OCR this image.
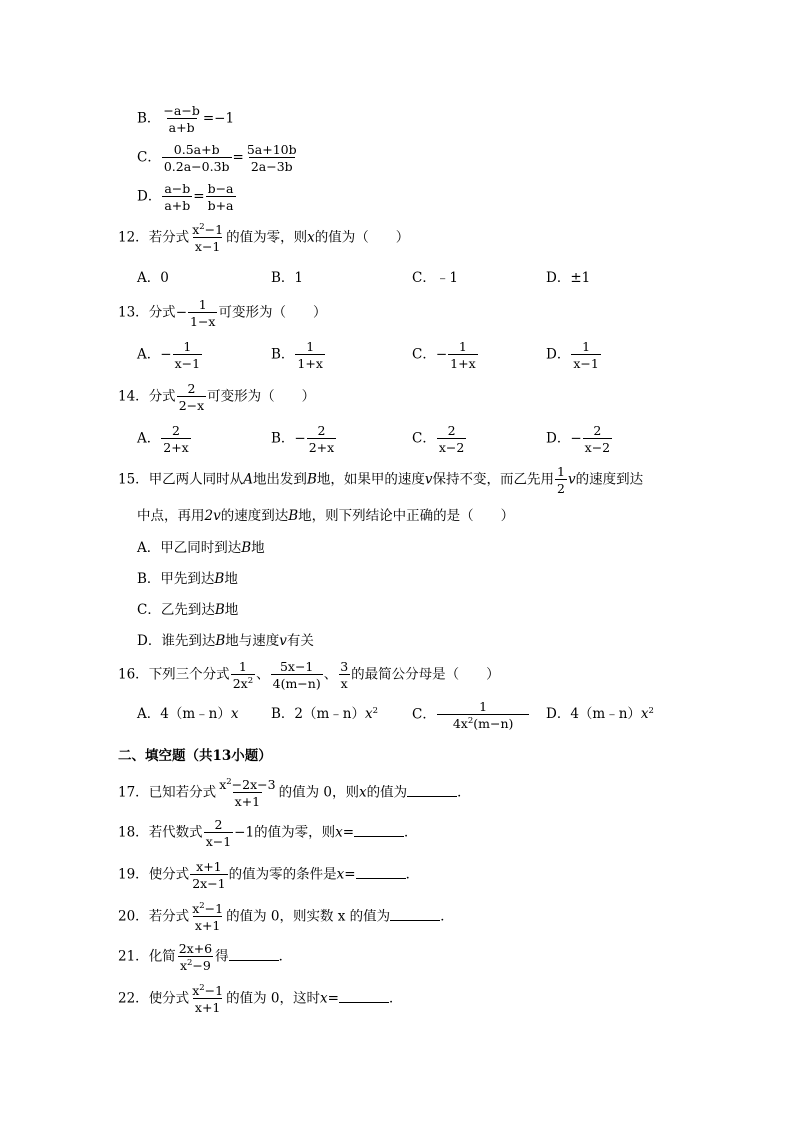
B． $\frac{-a-b}{a+b} =-1$
C． $\frac{0.5a+b}{0.2a-0.3b} = \frac{5a+10b}{2a-3b}$
D． $\frac{a-b}{a+b} = \frac{b-a}{b+a}$
12．若分式 $\frac{x^2-1}{x-1}$ 的值为零，则x的值为（　　）
A．0	B．1	C．﹣1	D．±1
13．分式− $\frac{1}{1-x}$ 可变形为（　　）
A．− $\frac{1}{x-1}$	B． $\frac{1}{1+x}$	C．− $\frac{1}{1+x}$	D． $\frac{1}{x-1}$
14．分式 $\frac{2}{2-x}$ 可变形为（　　）
A． $\frac{2}{2+x}$	B．− $\frac{2}{2+x}$	C． $\frac{2}{x-2}$	D．− $\frac{2}{x-2}$
15．甲乙两人同时从A地出发到B地，如果甲的速度v保持不变，而乙先用 $\frac{1}{2}$ v的速度到达
中点，再用2v的速度到达B地，则下列结论中正确的是（　　）
A．甲乙同时到达B地
B．甲先到达B地
C．乙先到达B地
D．谁先到达B地与速度v有关
16．下列三个分式 $\frac{1}{2x^2}$ 、 $\frac{5x-1}{4(m-n)}$ 、 $\frac{3}{x}$ 的最简公分母是（　　）
A．4（m﹣n）x B．$2(m﹣n)x^2$	C． $\frac{1}{4x^2(m-n)}$ D．$4(m﹣n)x^2$
二、填空题（共13小题）
17．已知若分式 $\frac{x^2-2x-3}{x+1}$ 的值为 0，则x的值为	．
18．若代数式 $\frac{2}{x-1} -1$的值为零，则x=	．
19．使分式 $\frac{x+1}{2x-1}$ 的值为零的条件是x=	．
20．若分式 $\frac{x^2-1}{x+1}$ 的值为 0，则实数 x 的值为	．
21．化简 $\frac{2x+6}{x^2-9}$ 得	．
22．使分式 $\frac{x^2-1}{x+1}$ 的值为 0，这时x=	．
